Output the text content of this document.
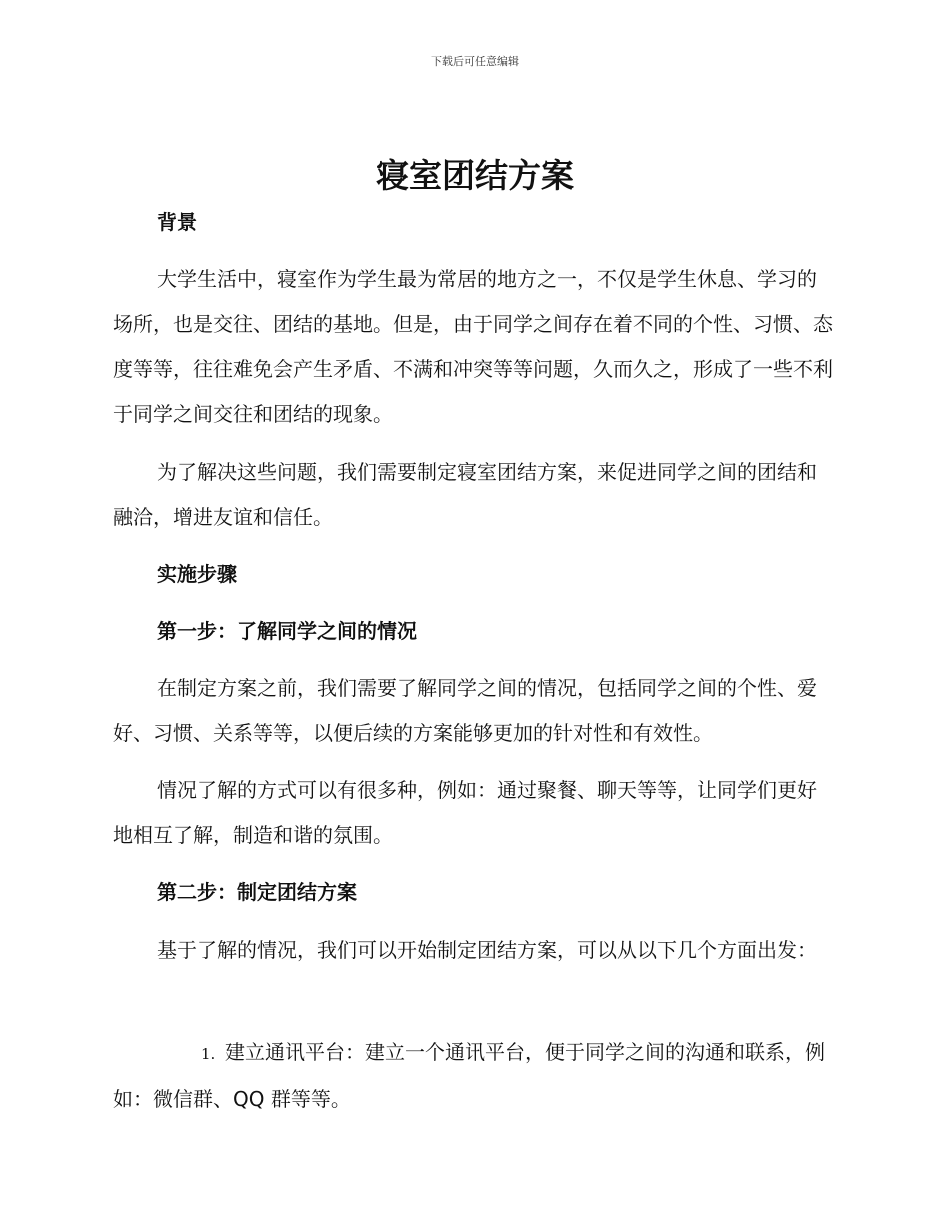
下载后可任意编辑
寝室团结方案
背景

大学生活中，寝室作为学生最为常居的地方之一，不仅是学生休息、学习的场所，也是交往、团结的基地。但是，由于同学之间存在着不同的个性、习惯、态度等等，往往难免会产生矛盾、不满和冲突等等问题，久而久之，形成了一些不利于同学之间交往和团结的现象。

为了解决这些问题，我们需要制定寝室团结方案，来促进同学之间的团结和融洽，增进友谊和信任。

实施步骤
第一步：了解同学之间的情况

在制定方案之前，我们需要了解同学之间的情况，包括同学之间的个性、爱好、习惯、关系等等，以便后续的方案能够更加的针对性和有效性。

情况了解的方式可以有很多种，例如：通过聚餐、聊天等等，让同学们更好地相互了解，制造和谐的氛围。

第二步：制定团结方案

基于了解的情况，我们可以开始制定团结方案，可以从以下几个方面出发：

1. 建立通讯平台：建立一个通讯平台，便于同学之间的沟通和联系，例如：微信群、QQ 群等等。
